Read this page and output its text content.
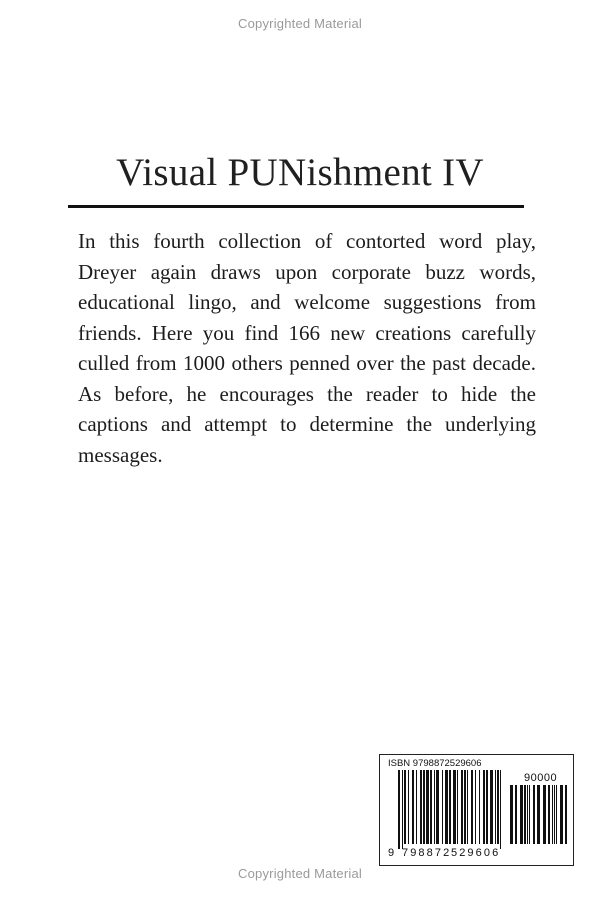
Copyrighted Material
Visual PUNishment IV

In this fourth collection of contorted word play, Dreyer again draws upon corporate buzz words, educational lingo, and welcome suggestions from friends. Here you find 166 new creations carefully culled from 1000 others penned over the past decade. As before, he encourages the reader to hide the captions and attempt to determine the underlying messages.

ISBN 9798872529606
90000
9 798872 529606
Copyrighted Material
